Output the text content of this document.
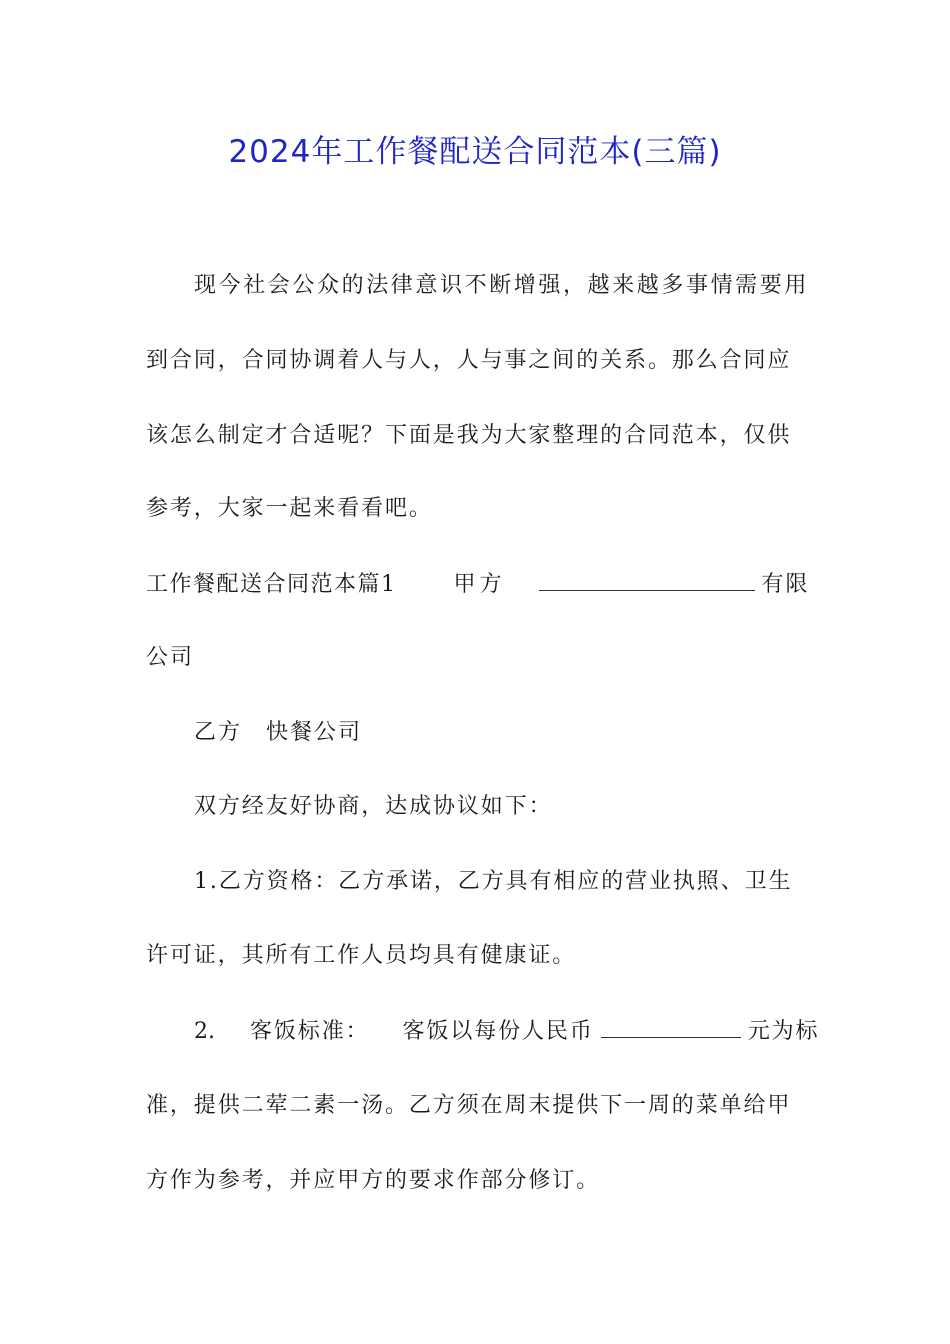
2024年工作餐配送合同范本(三篇)
现今社会公众的法律意识不断增强，越来越多事情需要用
到合同，合同协调着人与人，人与事之间的关系。那么合同应
该怎么制定才合适呢？下面是我为大家整理的合同范本，仅供
参考，大家一起来看看吧。
工作餐配送合同范本篇1	甲方	有限
公司
乙方　快餐公司
双方经友好协商，达成协议如下：
1.乙方资格：乙方承诺，乙方具有相应的营业执照、卫生
许可证，其所有工作人员均具有健康证。
2. 客饭标准： 客饭以每份人民币	元为标
准，提供二荤二素一汤。乙方须在周末提供下一周的菜单给甲
方作为参考，并应甲方的要求作部分修订。
